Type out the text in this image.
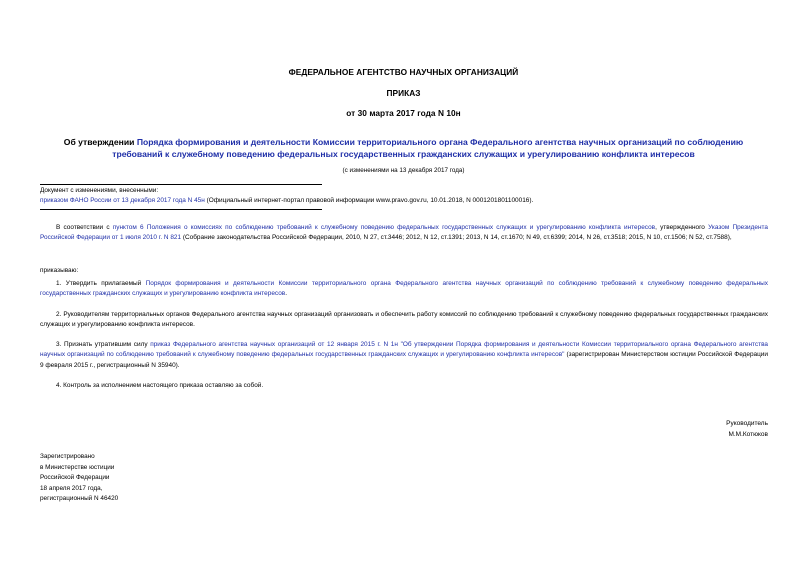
ФЕДЕРАЛЬНОЕ АГЕНТСТВО НАУЧНЫХ ОРГАНИЗАЦИЙ
ПРИКАЗ
от 30 марта 2017 года N 10н
Об утверждении Порядка формирования и деятельности Комиссии территориального органа Федерального агентства научных организаций по соблюдению требований к служебному поведению федеральных государственных гражданских служащих и урегулированию конфликта интересов
(с изменениями на 13 декабря 2017 года)
Документ с изменениями, внесенными:
приказом ФАНО России от 13 декабря 2017 года N 45н (Официальный интернет-портал правовой информации www.pravo.gov.ru, 10.01.2018, N 0001201801100016).
В соответствии с пунктом 6 Положения о комиссиях по соблюдению требований к служебному поведению федеральных государственных служащих и урегулированию конфликта интересов, утвержденного Указом Президента Российской Федерации от 1 июля 2010 г. N 821 (Собрание законодательства Российской Федерации, 2010, N 27, ст.3446; 2012, N 12, ст.1391; 2013, N 14, ст.1670; N 49, ст.6399; 2014, N 26, ст.3518; 2015, N 10, ст.1506; N 52, ст.7588),
приказываю:
1. Утвердить прилагаемый Порядок формирования и деятельности Комиссии территориального органа Федерального агентства научных организаций по соблюдению требований к служебному поведению федеральных государственных гражданских служащих и урегулированию конфликта интересов.
2. Руководителям территориальных органов Федерального агентства научных организаций организовать и обеспечить работу комиссий по соблюдению требований к служебному поведению федеральных государственных гражданских служащих и урегулированию конфликта интересов.
3. Признать утратившим силу приказ Федерального агентства научных организаций от 12 января 2015 г. N 1н "Об утверждении Порядка формирования и деятельности Комиссии территориального органа Федерального агентства научных организаций по соблюдению требований к служебному поведению федеральных государственных гражданских служащих и урегулированию конфликта интересов" (зарегистрирован Министерством юстиции Российской Федерации 9 февраля 2015 г., регистрационный N 35940).
4. Контроль за исполнением настоящего приказа оставляю за собой.
Руководитель
М.М.Котюков
Зарегистрировано
в Министерстве юстиции
Российской Федерации
18 апреля 2017 года,
регистрационный N 46420
